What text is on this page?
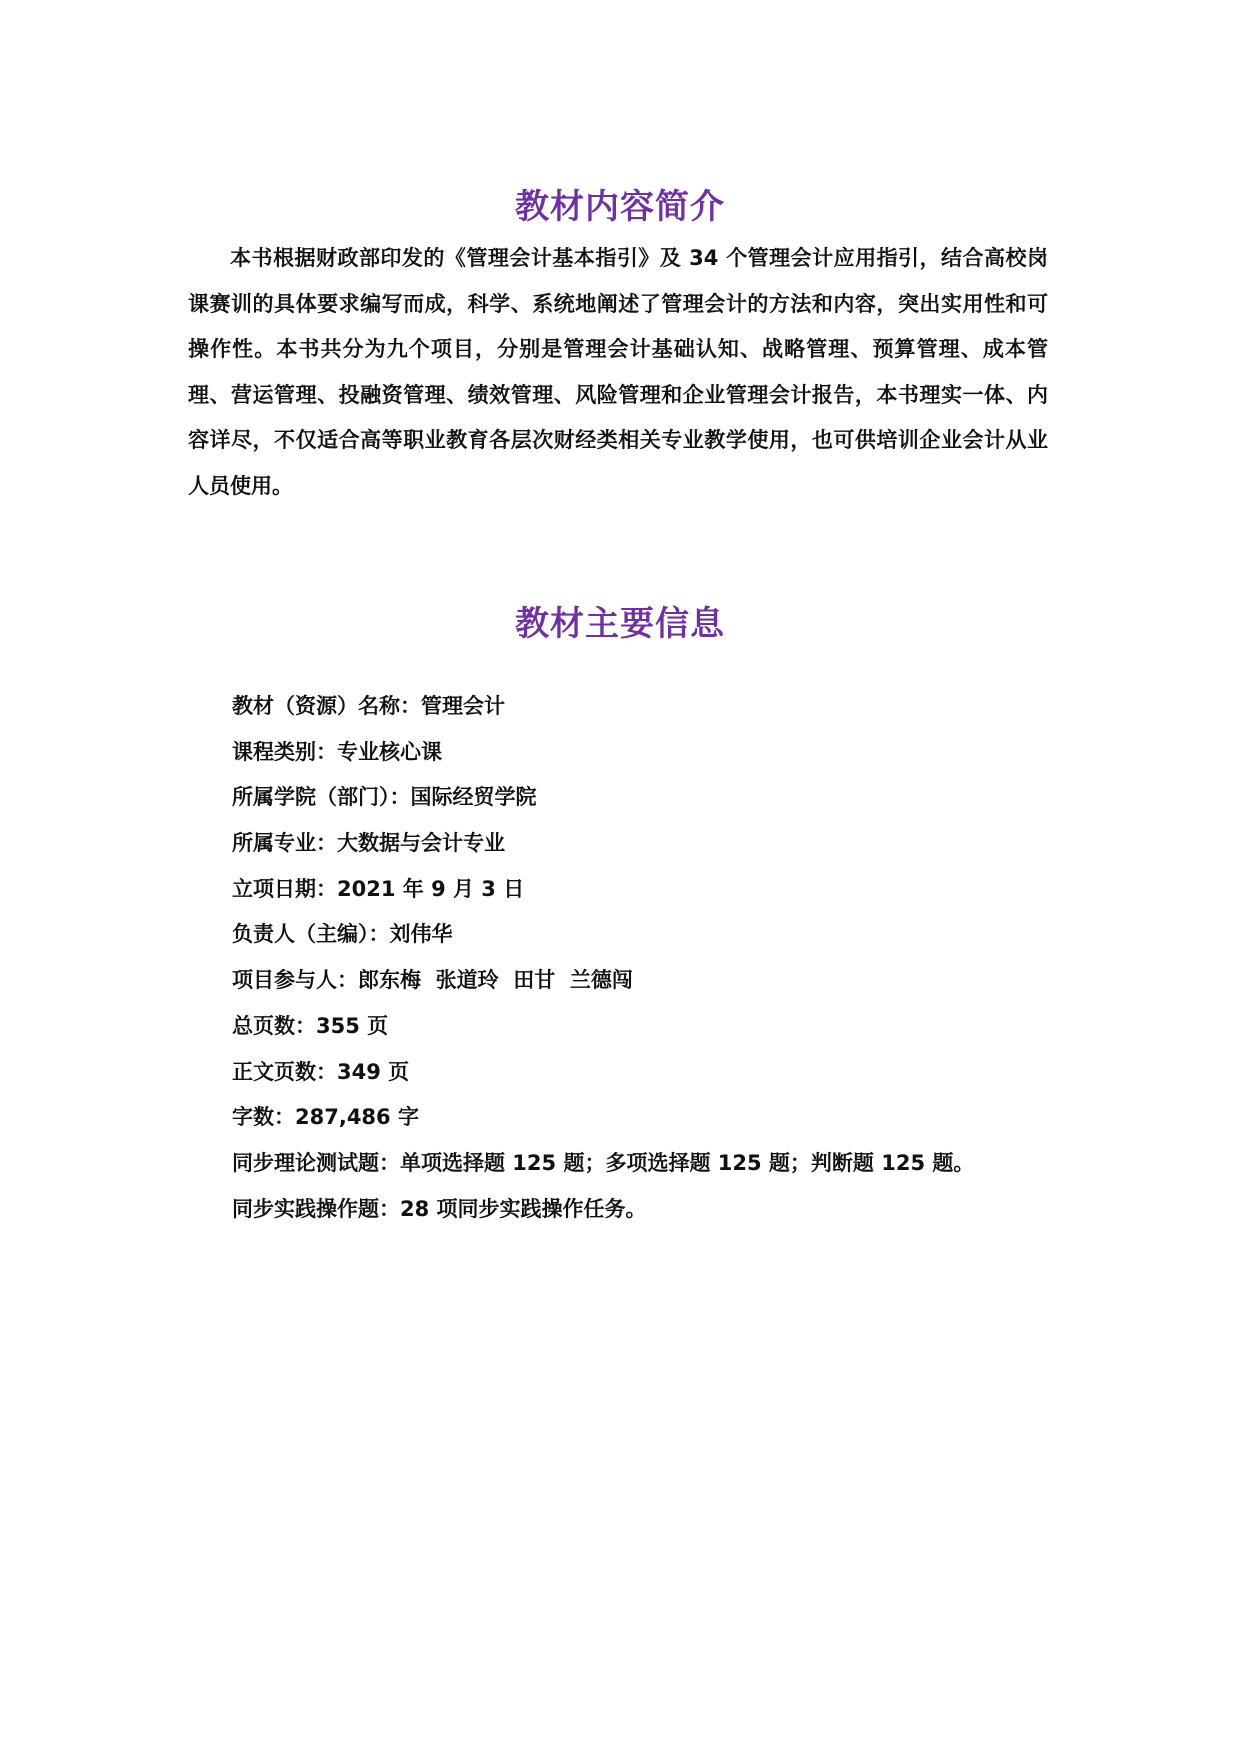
教材内容简介

本书根据财政部印发的《管理会计基本指引》及 34 个管理会计应用指引，结合高校岗课赛训的具体要求编写而成，科学、系统地阐述了管理会计的方法和内容，突出实用性和可操作性。本书共分为九个项目，分别是管理会计基础认知、战略管理、预算管理、成本管理、营运管理、投融资管理、绩效管理、风险管理和企业管理会计报告，本书理实一体、内容详尽，不仅适合高等职业教育各层次财经类相关专业教学使用，也可供培训企业会计从业人员使用。

教材主要信息
教材（资源）名称：管理会计
课程类别：专业核心课
所属学院（部门）：国际经贸学院
所属专业：大数据与会计专业
立项日期：2021 年 9 月 3 日
负责人（主编）：刘伟华
项目参与人：郎东梅  张道玲  田甘  兰德闯
总页数：355 页
正文页数：349 页
字数：287,486 字
同步理论测试题：单项选择题 125 题；多项选择题 125 题；判断题 125 题。
同步实践操作题：28 项同步实践操作任务。
